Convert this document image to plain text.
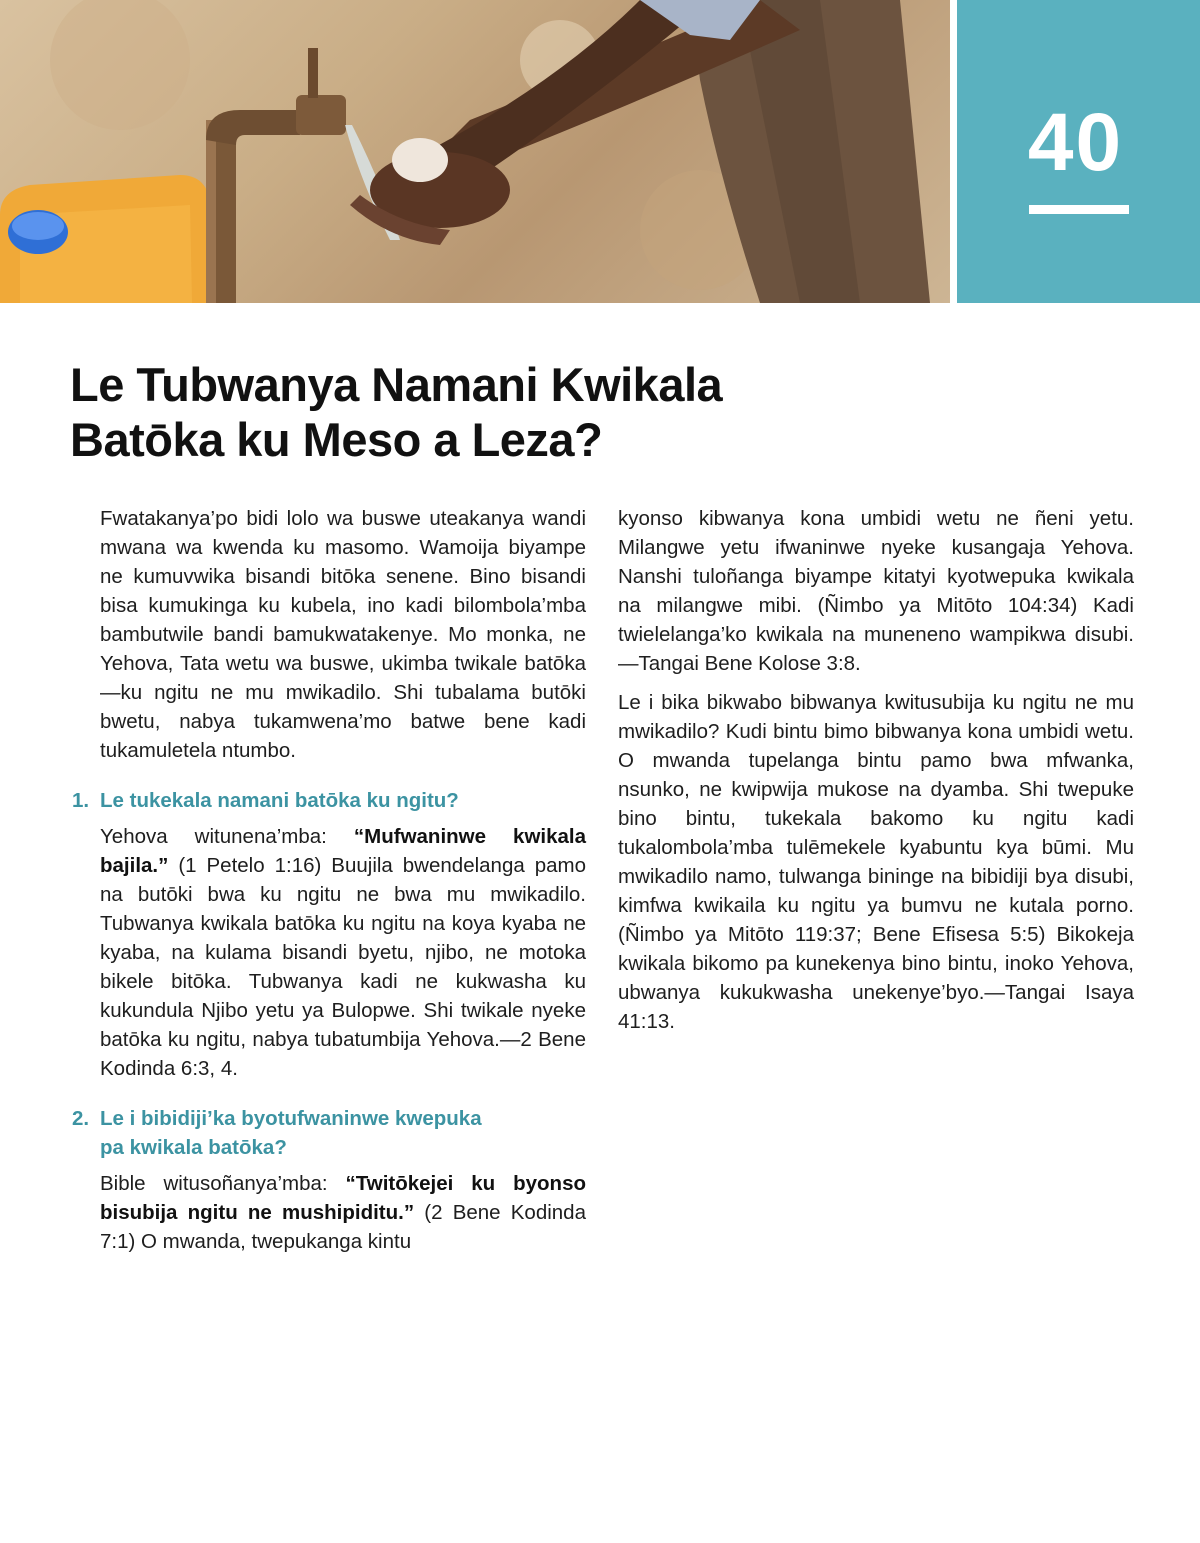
40
Le Tubwanya Namani Kwikala
Batōka ku Meso a Leza?

Fwatakanya’po bidi lolo wa buswe uteakanya wandi mwana wa kwenda ku masomo. Wamoija biyampe ne kumuvwika bisandi bitōka senene. Bino bisandi bisa kumukinga ku kubela, ino kadi bilombola’mba bambutwile bandi bamukwatakenye. Mo monka, ne Yehova, Tata wetu wa buswe, ukimba twikale batōka—ku ngitu ne mu mwikadilo. Shi tubalama butōki bwetu, nabya tukamwena’mo batwe bene kadi tukamuletela ntumbo.

1. Le tukekala namani batōka ku ngitu?

Yehova witunena’mba: “Mufwaninwe kwikala bajila.” (1 Petelo 1:16) Buujila bwendelanga pamo na butōki bwa ku ngitu ne bwa mu mwikadilo. Tubwanya kwikala batōka ku ngitu na koya kyaba ne kyaba, na kulama bisandi byetu, njibo, ne motoka bikele bitōka. Tubwanya kadi ne kukwasha ku kukundula Njibo yetu ya Bulopwe. Shi twikale nyeke batōka ku ngitu, nabya tubatumbija Yehova.—2 Bene Kodinda 6:3, 4.

2. Le i bibidiji’ka byotufwaninwe kwepuka
pa kwikala batōka?

Bible witusoñanya’mba: “Twitōkejei ku byonso bisubija ngitu ne mushipiditu.” (2 Bene Kodinda 7:1) O mwanda, twepukanga kintu

kyonso kibwanya kona umbidi wetu ne ñeni yetu. Milangwe yetu ifwaninwe nyeke kusangaja Yehova. Nanshi tuloñanga biyampe kitatyi kyotwepuka kwikala na milangwe mibi. (Ñimbo ya Mitōto 104:34) Kadi twielelanga’ko kwikala na muneneno wampikwa disubi.—Tangai Bene Kolose 3:8.

Le i bika bikwabo bibwanya kwitusubija ku ngitu ne mu mwikadilo? Kudi bintu bimo bibwanya kona umbidi wetu. O mwanda tupelanga bintu pamo bwa mfwanka, nsunko, ne kwipwija mukose na dyamba. Shi twepuke bino bintu, tukekala bakomo ku ngitu kadi tukalombola’mba tulēmekele kyabuntu kya būmi. Mu mwikadilo namo, tulwanga bininge na bibidiji bya disubi, kimfwa kwikaila ku ngitu ya bumvu ne kutala porno. (Ñimbo ya Mitōto 119:37; Bene Efisesa 5:5) Bikokeja kwikala bikomo pa kunekenya bino bintu, inoko Yehova, ubwanya kukukwasha unekenye’byo.—Tangai Isaya 41:13.
